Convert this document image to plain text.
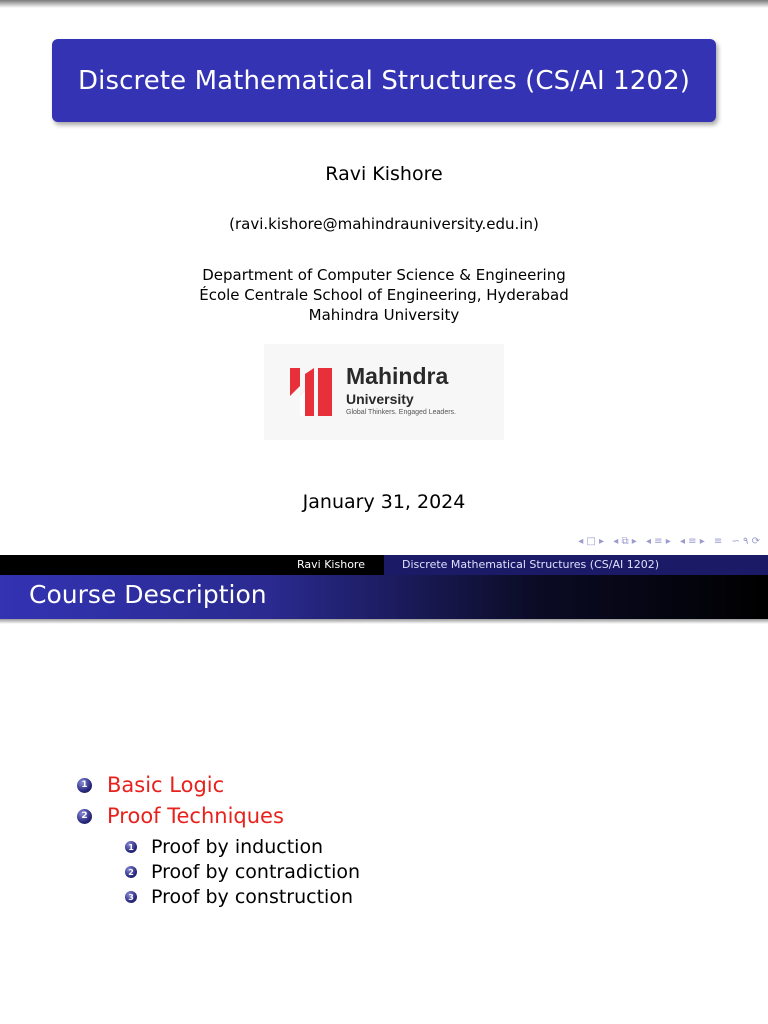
Discrete Mathematical Structures (CS/AI 1202)
Ravi Kishore
(ravi.kishore@mahindrauniversity.edu.in)
Department of Computer Science & Engineering
École Centrale School of Engineering, Hyderabad
Mahindra University
Mahindra
University
Global Thinkers. Engaged Leaders.
January 31, 2024
◂ □ ▸ ◂ ⧉ ▸ ◂ ≡ ▸ ◂ ≡ ▸ ≡ ∽ ۹ ⟳
Ravi Kishore	Discrete Mathematical Structures (CS/AI 1202)
Course Description
1 Basic Logic
2 Proof Techniques
1 Proof by induction
2 Proof by contradiction
3 Proof by construction
